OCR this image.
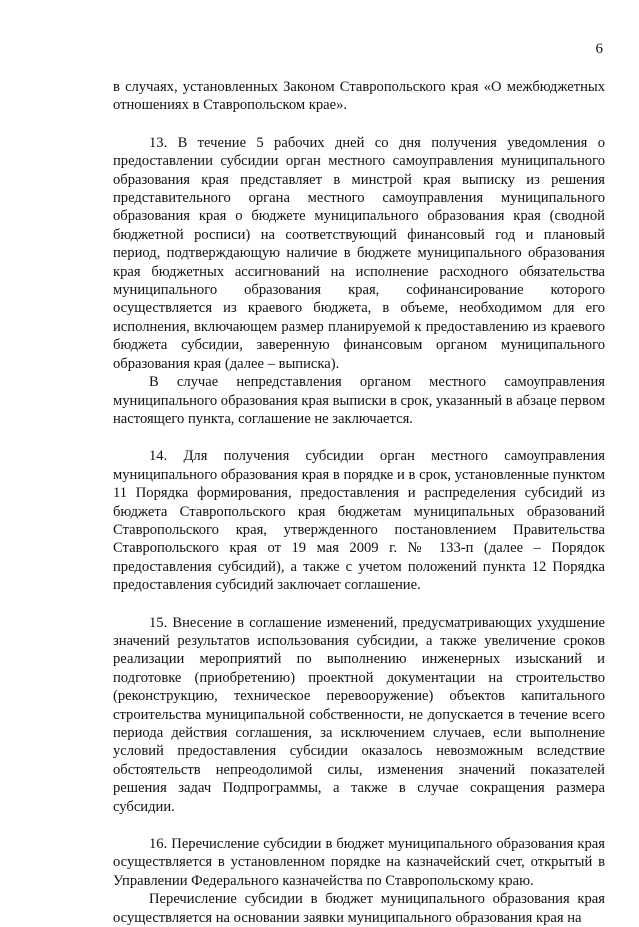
6

в случаях, установленных Законом Ставропольского края «О межбюджетных отношениях в Ставропольском крае».

13. В течение 5 рабочих дней со дня получения уведомления о предоставлении субсидии орган местного самоуправления муниципального образования края представляет в минстрой края выписку из решения представительного органа местного самоуправления муниципального образования края о бюджете муниципального образования края (сводной бюджетной росписи) на соответствующий финансовый год и плановый период, подтверждающую наличие в бюджете муниципального образования края бюджетных ассигнований на исполнение расходного обязательства муниципального образования края, софинансирование которого осуществляется из краевого бюджета, в объеме, необходимом для его исполнения, включающем размер планируемой к предоставлению из краевого бюджета субсидии, заверенную финансовым органом муниципального образования края (далее – выписка).

В случае непредставления органом местного самоуправления муниципального образования края выписки в срок, указанный в абзаце первом настоящего пункта, соглашение не заключается.

14. Для получения субсидии орган местного самоуправления муниципального образования края в порядке и в срок, установленные пунктом 11 Порядка формирования, предоставления и распределения субсидий из бюджета Ставропольского края бюджетам муниципальных образований Ставропольского края, утвержденного постановлением Правительства Ставропольского края от 19 мая 2009 г. № 133-п (далее – Порядок предоставления субсидий), а также с учетом положений пункта 12 Порядка предоставления субсидий заключает соглашение.

15. Внесение в соглашение изменений, предусматривающих ухудшение значений результатов использования субсидии, а также увеличение сроков реализации мероприятий по выполнению инженерных изысканий и подготовке (приобретению) проектной документации на строительство (реконструкцию, техническое перевооружение) объектов капитального строительства муниципальной собственности, не допускается в течение всего периода действия соглашения, за исключением случаев, если выполнение условий предоставления субсидии оказалось невозможным вследствие обстоятельств непреодолимой силы, изменения значений показателей решения задач Подпрограммы, а также в случае сокращения размера субсидии.

16. Перечисление субсидии в бюджет муниципального образования края осуществляется в установленном порядке на казначейский счет, открытый в Управлении Федерального казначейства по Ставропольскому краю.

Перечисление субсидии в бюджет муниципального образования края осуществляется на основании заявки муниципального образования края на
